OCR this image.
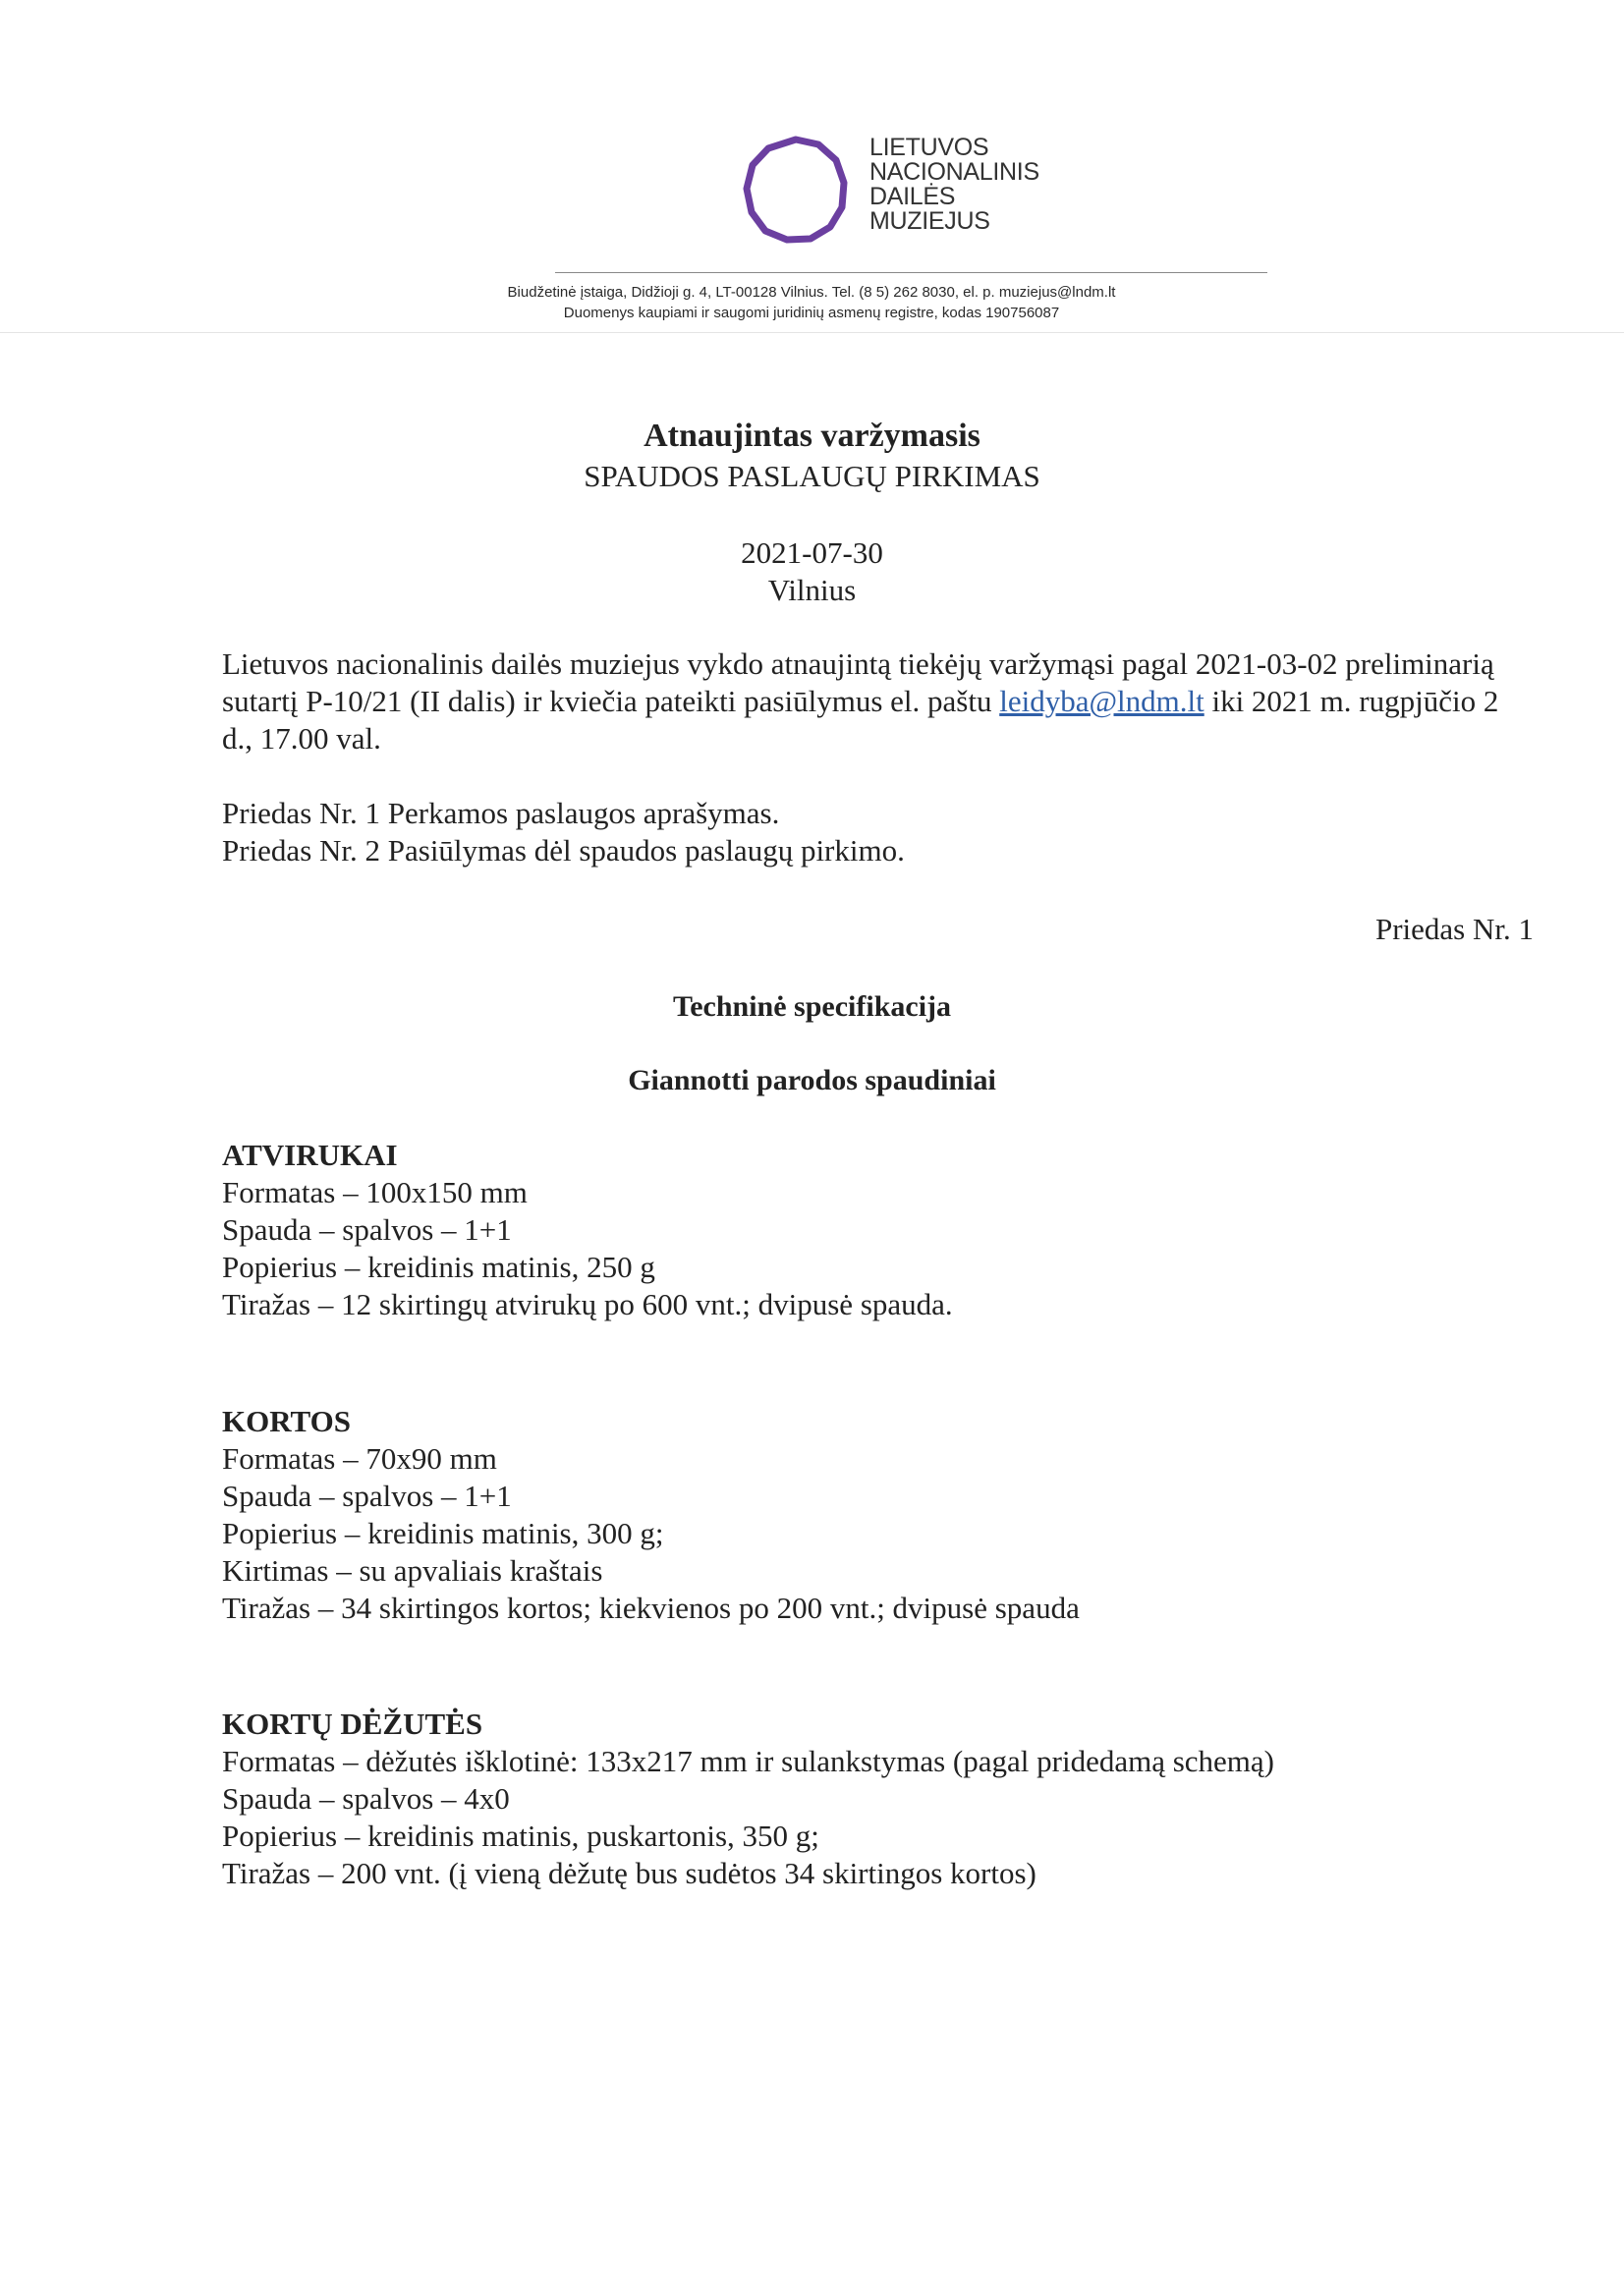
LIETUVOS
NACIONALINIS
DAILĖS
MUZIEJUS
Biudžetinė įstaiga, Didžioji g. 4, LT-00128 Vilnius. Tel. (8 5) 262 8030, el. p. muziejus@lndm.lt
Duomenys kaupiami ir saugomi juridinių asmenų registre, kodas 190756087
Atnaujintas varžymasis
SPAUDOS PASLAUGŲ PIRKIMAS
2021-07-30
Vilnius
Lietuvos nacionalinis dailės muziejus vykdo atnaujintą tiekėjų varžymąsi pagal 2021-03-02 preliminarią sutartį P-10/21 (II dalis) ir kviečia pateikti pasiūlymus el. paštu leidyba@lndm.lt iki 2021 m. rugpjūčio 2 d., 17.00 val.
Priedas Nr. 1 Perkamos paslaugos aprašymas.
Priedas Nr. 2 Pasiūlymas dėl spaudos paslaugų pirkimo.
Priedas Nr. 1
Techninė specifikacija
Giannotti parodos spaudiniai
ATVIRUKAI
Formatas – 100x150 mm
Spauda – spalvos – 1+1
Popierius – kreidinis matinis, 250 g
Tiražas – 12 skirtingų atvirukų po 600 vnt.; dvipusė spauda.
KORTOS
Formatas – 70x90 mm
Spauda – spalvos – 1+1
Popierius – kreidinis matinis, 300 g;
Kirtimas – su apvaliais kraštais
Tiražas – 34 skirtingos kortos; kiekvienos po 200 vnt.; dvipusė spauda
KORTŲ DĖŽUTĖS
Formatas – dėžutės išklotinė: 133x217 mm ir sulankstymas (pagal pridedamą schemą)
Spauda – spalvos – 4x0
Popierius – kreidinis matinis, puskartonis, 350 g;
Tiražas – 200 vnt. (į vieną dėžutę bus sudėtos 34 skirtingos kortos)
